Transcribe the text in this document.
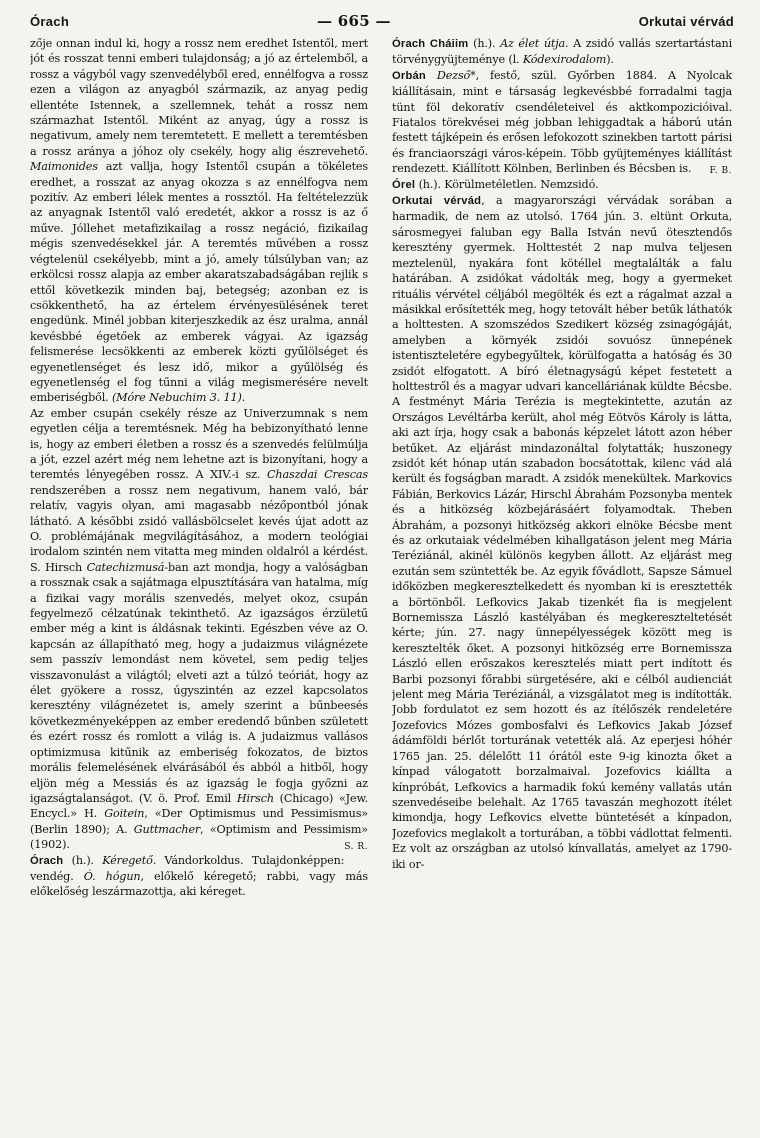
Órach	— 665 —	Orkutai vérvád

zője onnan indul ki, hogy a rossz nem eredhet Istentől, mert jót és rosszat tenni emberi tulajdonság; a jó az értelemből, a rossz a vágyból vagy szenvedélyből ered, ennélfogva a rossz ezen a világon az anyagból származik, az anyag pedig ellentéte Istennek, a szellemnek, tehát a rossz nem származhat Istentől. Miként az anyag, úgy a rossz is negativum, amely nem teremtetett. E mellett a teremtésben a rossz aránya a jóhoz oly csekély, hogy alig észrevehető. Maimonides azt vallja, hogy Istentől csupán a tökéletes eredhet, a rosszat az anyag okozza s az ennélfogva nem pozitív. Az emberi lélek mentes a rossztól. Ha feltételezzük az anyagnak Istentől való eredetét, akkor a rossz is az ő műve. Jóllehet metafizikailag a rossz negáció, fizikailag mégis szenvedésekkel jár. A teremtés művében a rossz végtelenül csekélyebb, mint a jó, amely túlsúlyban van; az erkölcsi rossz alapja az ember akaratszabadságában rejlik s ettől következik minden baj, betegség; azonban ez is csökkenthető, ha az értelem érvényesülésének teret engedünk. Minél jobban kiterjeszkedik az ész uralma, annál kevésbbé égetőek az emberek vágyai. Az igazság felismerése lecsökkenti az emberek közti gyűlölséget és egyenetlenséget és lesz idő, mikor a gyűlölség és egyenetlenség el fog tűnni a világ megismerésére nevelt emberiségből. (Móre Nebuchim 3. 11).

Az ember csupán csekély része az Univerzumnak s nem egyetlen célja a teremtésnek. Még ha bebizonyítható lenne is, hogy az emberi életben a rossz és a szenvedés felülmúlja a jót, ezzel azért még nem lehetne azt is bizonyítani, hogy a teremtés lényegében rossz. A XIV.-i sz. Chaszdai Crescas rendszerében a rossz nem negativum, hanem való, bár relatív, vagyis olyan, ami magasabb nézőpontból jónak látható. A későbbi zsidó vallásbölcselet kevés újat adott az O. problémájának megvilágításához, a modern teológiai irodalom szintén nem vitatta meg minden oldalról a kérdést. S. Hirsch Catechizmusá-ban azt mondja, hogy a valóságban a rossznak csak a sajátmaga elpusztítására van hatalma, míg a fizikai vagy morális szenvedés, melyet okoz, csupán fegyelmező célzatúnak tekinthető. Az igazságos érzületű ember még a kint is áldásnak tekinti. Egészben véve az O. kapcsán az állapítható meg, hogy a judaizmus világnézete sem passzív lemondást nem követel, sem pedig teljes visszavonulást a világtól; elveti azt a túlzó teóriát, hogy az élet gyökere a rossz, úgyszintén az ezzel kapcsolatos keresztény világnézetet is, amely szerint a bűnbeesés következményeképpen az ember eredendő bűnben született és ezért rossz és romlott a világ is. A judaizmus vallásos optimizmusa kitűnik az emberiség fokozatos, de biztos morális felemelésének elvárásából és abból a hitből, hogy eljön még a Messiás és az igazság le fogja győzni az igazságtalanságot. (V. ö. Prof. Emil Hirsch (Chicago) «Jew. Encycl.» H. Goitein, «Der Optimismus und Pessimismus» (Berlin 1890); A. Guttmacher, «Optimism and Pessimism» (1902).	S. R.

Órach (h.). Kéregető. Vándorkoldus. Tulajdonképpen: vendég. Ó. hógun, előkelő kéregető; rabbi, vagy más előkelőség leszármazottja, aki kéreget.

Órach Cháiim (h.). Az élet útja. A zsidó vallás szertartástani törvénygyüjteménye (l. Kódexirodalom).

Orbán Dezső*, festő, szül. Győrben 1884. A Nyolcak kiállításain, mint e társaság legkevésbbé forradalmi tagja tünt föl dekoratív csendéleteivel és aktkompozicióival. Fiatalos törekvései még jobban lehiggadtak a háború után festett tájképein és erősen lefokozott szinekben tartott párisi és franciaországi város-képein. Több gyüjteményes kiállítást rendezett. Kiállított Kölnben, Berlinben és Bécsben is. F. B.

Órel (h.). Körülmetéletlen. Nemzsidó.

Orkutai vérvád, a magyarországi vérvádak sorában a harmadik, de nem az utolsó. 1764 jún. 3. eltünt Orkuta, sárosmegyei faluban egy Balla István nevű ötesztendős keresztény gyermek. Holttestét 2 nap mulva teljesen meztelenül, nyakára font kötéllel megtalálták a falu határában. A zsidókat vádolták meg, hogy a gyermeket rituális vérvétel céljából megölték és ezt a rágalmat azzal a másikkal erősítették meg, hogy tetovált héber betűk láthatók a holttesten. A szomszédos Szedikert község zsinagógáját, amelyben a környék zsidói sovuósz ünnepének istentiszteletére egybegyűltek, körülfogatta a hatóság és 30 zsidót elfogatott. A bíró életnagyságú képet festetett a holttestről és a magyar udvari kancelláriának küldte Bécsbe. A festményt Mária Terézia is megtekintette, azután az Országos Levéltárba került, ahol még Eötvös Károly is látta, aki azt írja, hogy csak a babonás képzelet látott azon héber betűket. Az eljárást mindazonáltal folytatták; huszonegy zsidót két hónap után szabadon bocsátottak, kilenc vád alá került és fogságban maradt. A zsidók menekültek. Markovics Fábián, Berkovics Lázár, Hirschl Ábrahám Pozsonyba mentek és a hitközség közbejárásáért folyamodtak. Theben Ábrahám, a pozsonyi hitközség akkori elnöke Bécsbe ment és az orkutaiak védelmében kihallgatáson jelent meg Mária Teréziánál, akinél különös kegyben állott. Az eljárást meg ezután sem szüntették be. Az egyik fővádlott, Sapsze Sámuel időközben megkeresztelkedett és nyomban ki is eresztették a börtönből. Lefkovics Jakab tizenkét fia is megjelent Bornemissza László kastélyában és megkereszteltetését kérte; jún. 27. nagy ünnepélyességek között meg is keresztelték őket. A pozsonyi hitközség erre Bornemissza László ellen erőszakos keresztelés miatt pert indított és Barbi pozsonyi főrabbi sürgetésére, aki e célból audienciát jelent meg Mária Teréziánál, a vizsgálatot meg is indították. Jobb fordulatot ez sem hozott és az ítélőszék rendeletére Jozefovics Mózes gombosfalvi és Lefkovics Jakab József ádámföldi bérlőt torturának vetették alá. Az eperjesi hóhér 1765 jan. 25. délelőtt 11 órától este 9-ig kinozta őket a kínpad válogatott borzalmaival. Jozefovics kiállta a kínpróbát, Lefkovics a harmadik fokú kemény vallatás után szenvedéseibe belehalt. Az 1765 tavaszán meghozott ítélet kimondja, hogy Lefkovics elvette büntetését a kínpadon, Jozefovics meglakolt a torturában, a többi vádlottat felmenti. Ez volt az országban az utolsó kínvallatás, amelyet az 1790-iki or-
